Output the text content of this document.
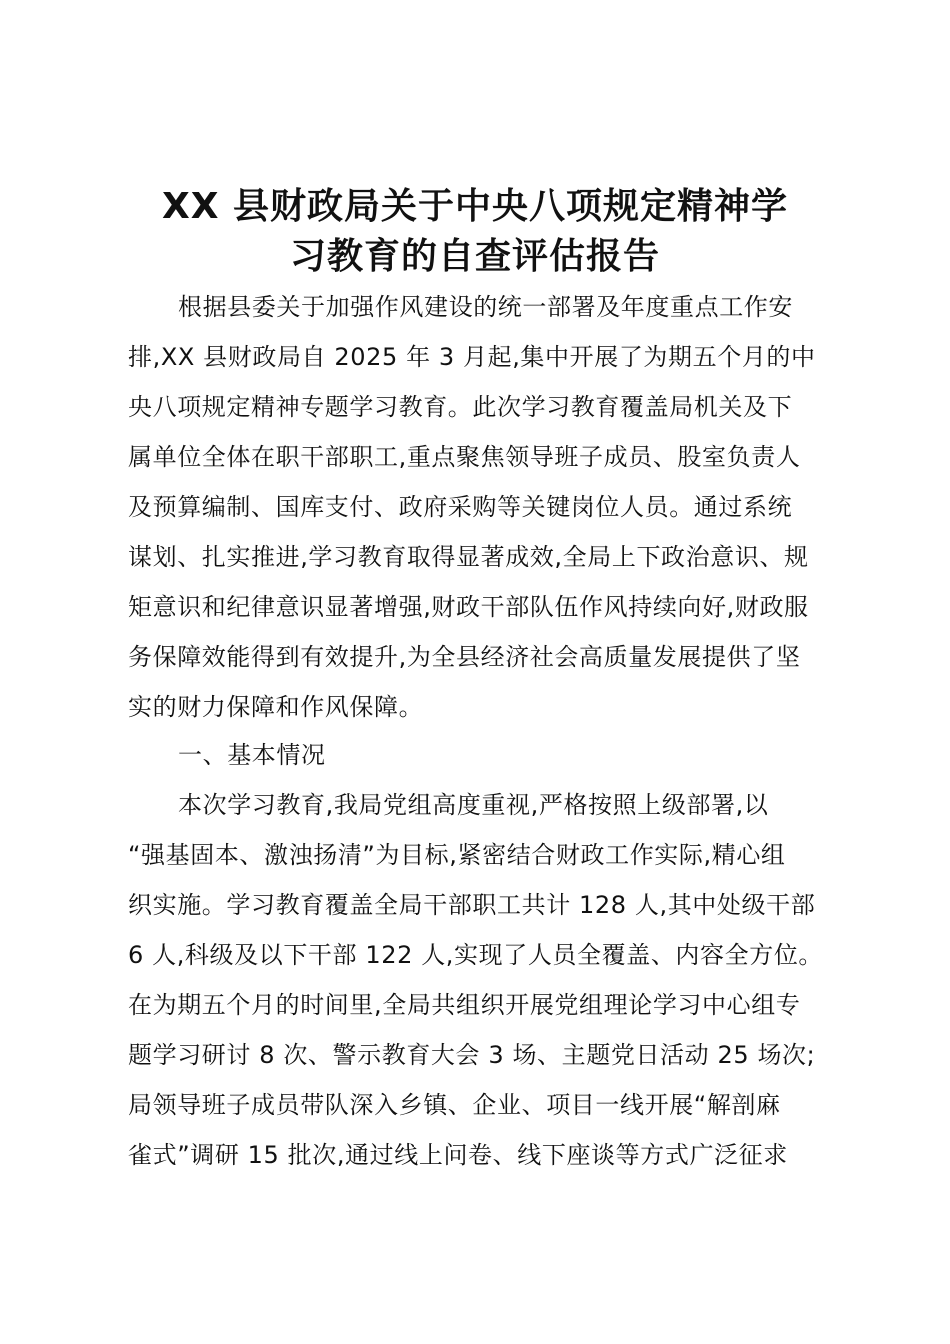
XX 县财政局关于中央八项规定精神学
习教育的自查评估报告
根据县委关于加强作风建设的统一部署及年度重点工作安
排,XX 县财政局自 2025 年 3 月起,集中开展了为期五个月的中
央八项规定精神专题学习教育。此次学习教育覆盖局机关及下
属单位全体在职干部职工,重点聚焦领导班子成员、股室负责人
及预算编制、国库支付、政府采购等关键岗位人员。通过系统
谋划、扎实推进,学习教育取得显著成效,全局上下政治意识、规
矩意识和纪律意识显著增强,财政干部队伍作风持续向好,财政服
务保障效能得到有效提升,为全县经济社会高质量发展提供了坚
实的财力保障和作风保障。
一、基本情况
本次学习教育,我局党组高度重视,严格按照上级部署,以
“强基固本、激浊扬清”为目标,紧密结合财政工作实际,精心组
织实施。学习教育覆盖全局干部职工共计 128 人,其中处级干部
6 人,科级及以下干部 122 人,实现了人员全覆盖、内容全方位。
在为期五个月的时间里,全局共组织开展党组理论学习中心组专
题学习研讨 8 次、警示教育大会 3 场、主题党日活动 25 场次;
局领导班子成员带队深入乡镇、企业、项目一线开展“解剖麻
雀式”调研 15 批次,通过线上问卷、线下座谈等方式广泛征求
